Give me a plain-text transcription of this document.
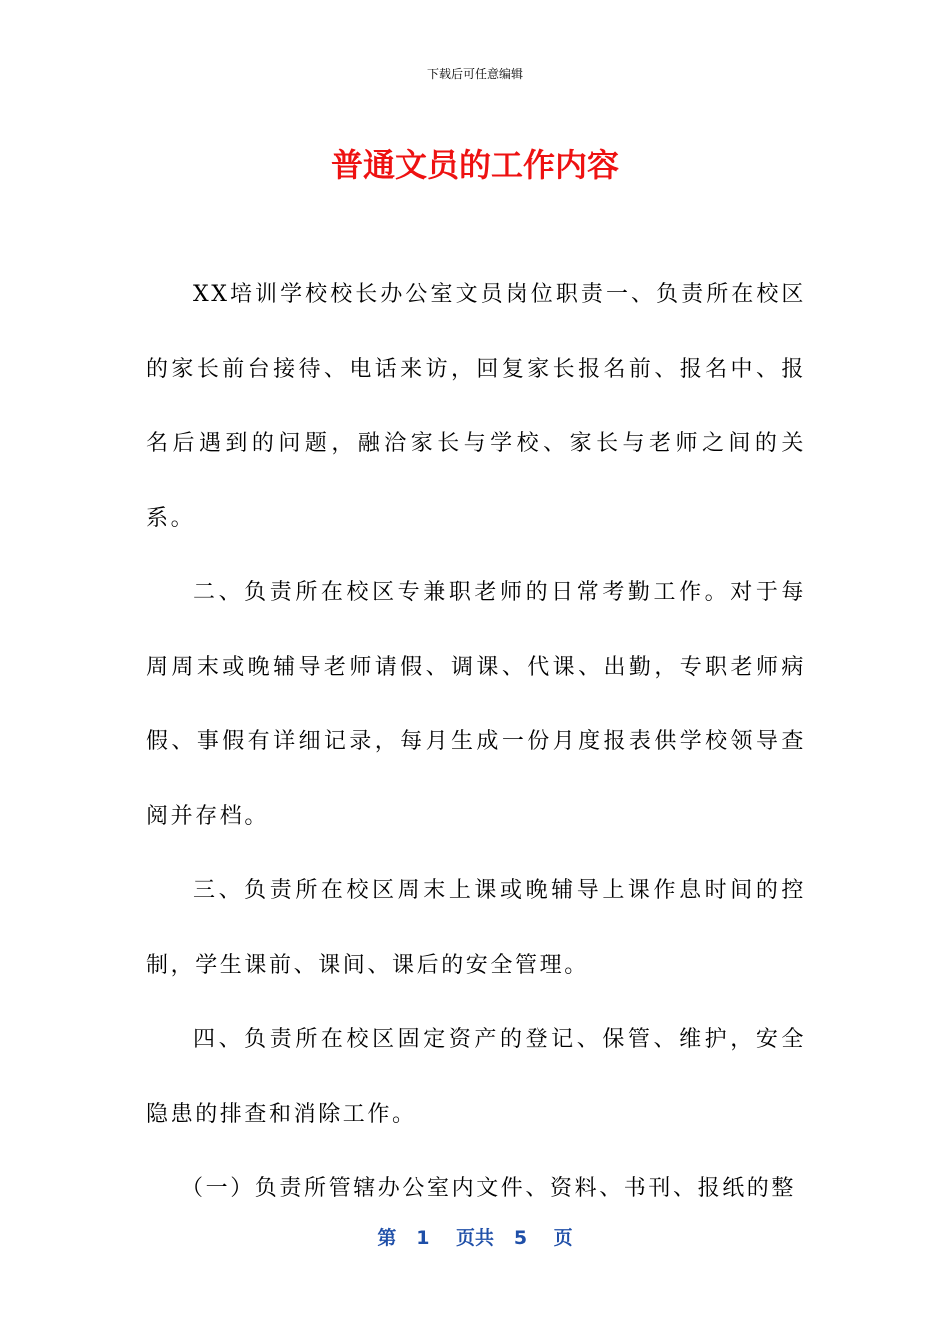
下载后可任意编辑
普通文员的工作内容

XX培训学校校长办公室文员岗位职责一、负责所在校区的家长前台接待、电话来访，回复家长报名前、报名中、报名后遇到的问题，融洽家长与学校、家长与老师之间的关系。

二、负责所在校区专兼职老师的日常考勤工作。对于每周周末或晚辅导老师请假、调课、代课、出勤，专职老师病假、事假有详细记录，每月生成一份月度报表供学校领导查阅并存档。

三、负责所在校区周末上课或晚辅导上课作息时间的控制，学生课前、课间、课后的安全管理。

四、负责所在校区固定资产的登记、保管、维护，安全隐患的排查和消除工作。

（一）负责所管辖办公室内文件、资料、书刊、报纸的整

第 1 页共 5 页
